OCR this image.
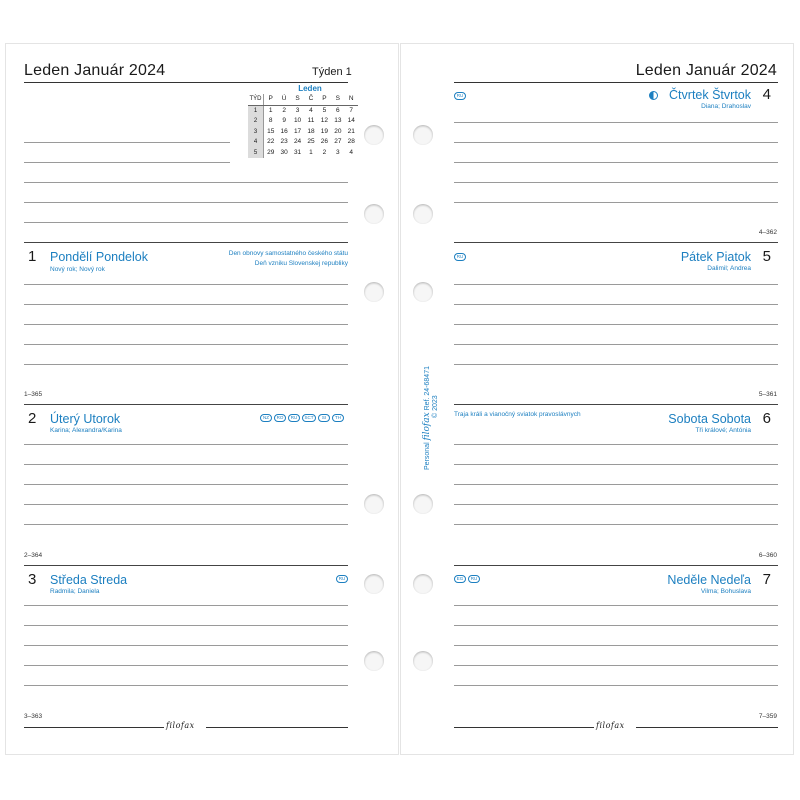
Leden Január 2024	Týden 1
Leden
TÝD	P	Ú	S	Č	P	S	N
1	1	2	3	4	5	6	7
2	8	9	10 11 12 13 14
3	15 16 17 18 19 20 21
4	22 23 24 25 26 27 28
5	29 30 31	1	2	3	4
1 Pondělí Pondelok
Nový rok; Nový rok
Den obnovy samostatného českého státu
Deň vzniku Slovenskej republiky
1–365
2 Úterý Utorok
Karina; Alexandra/Karina
NZ	RO	RU	SCT	SI	TH
2–364
3 Středa Streda
Radmila; Daniela
RU
3–363
filofax
Leden Január 2024
RU	Čtvrtek Štvrtok
Diana; Drahoslav
4
4–362
RU	Pátek Piatok
Dalimil; Andrea
5
5–361
Traja králi a vianočný sviatok pravoslávnych	Sobota Sobota
Tři králové; Antónia
6
6–360
EG	RU	Neděle Nedeľa
Vilma; Bohuslava
7
7–359
filofax
Personal filofax Ref. 24-68471 © 2023
